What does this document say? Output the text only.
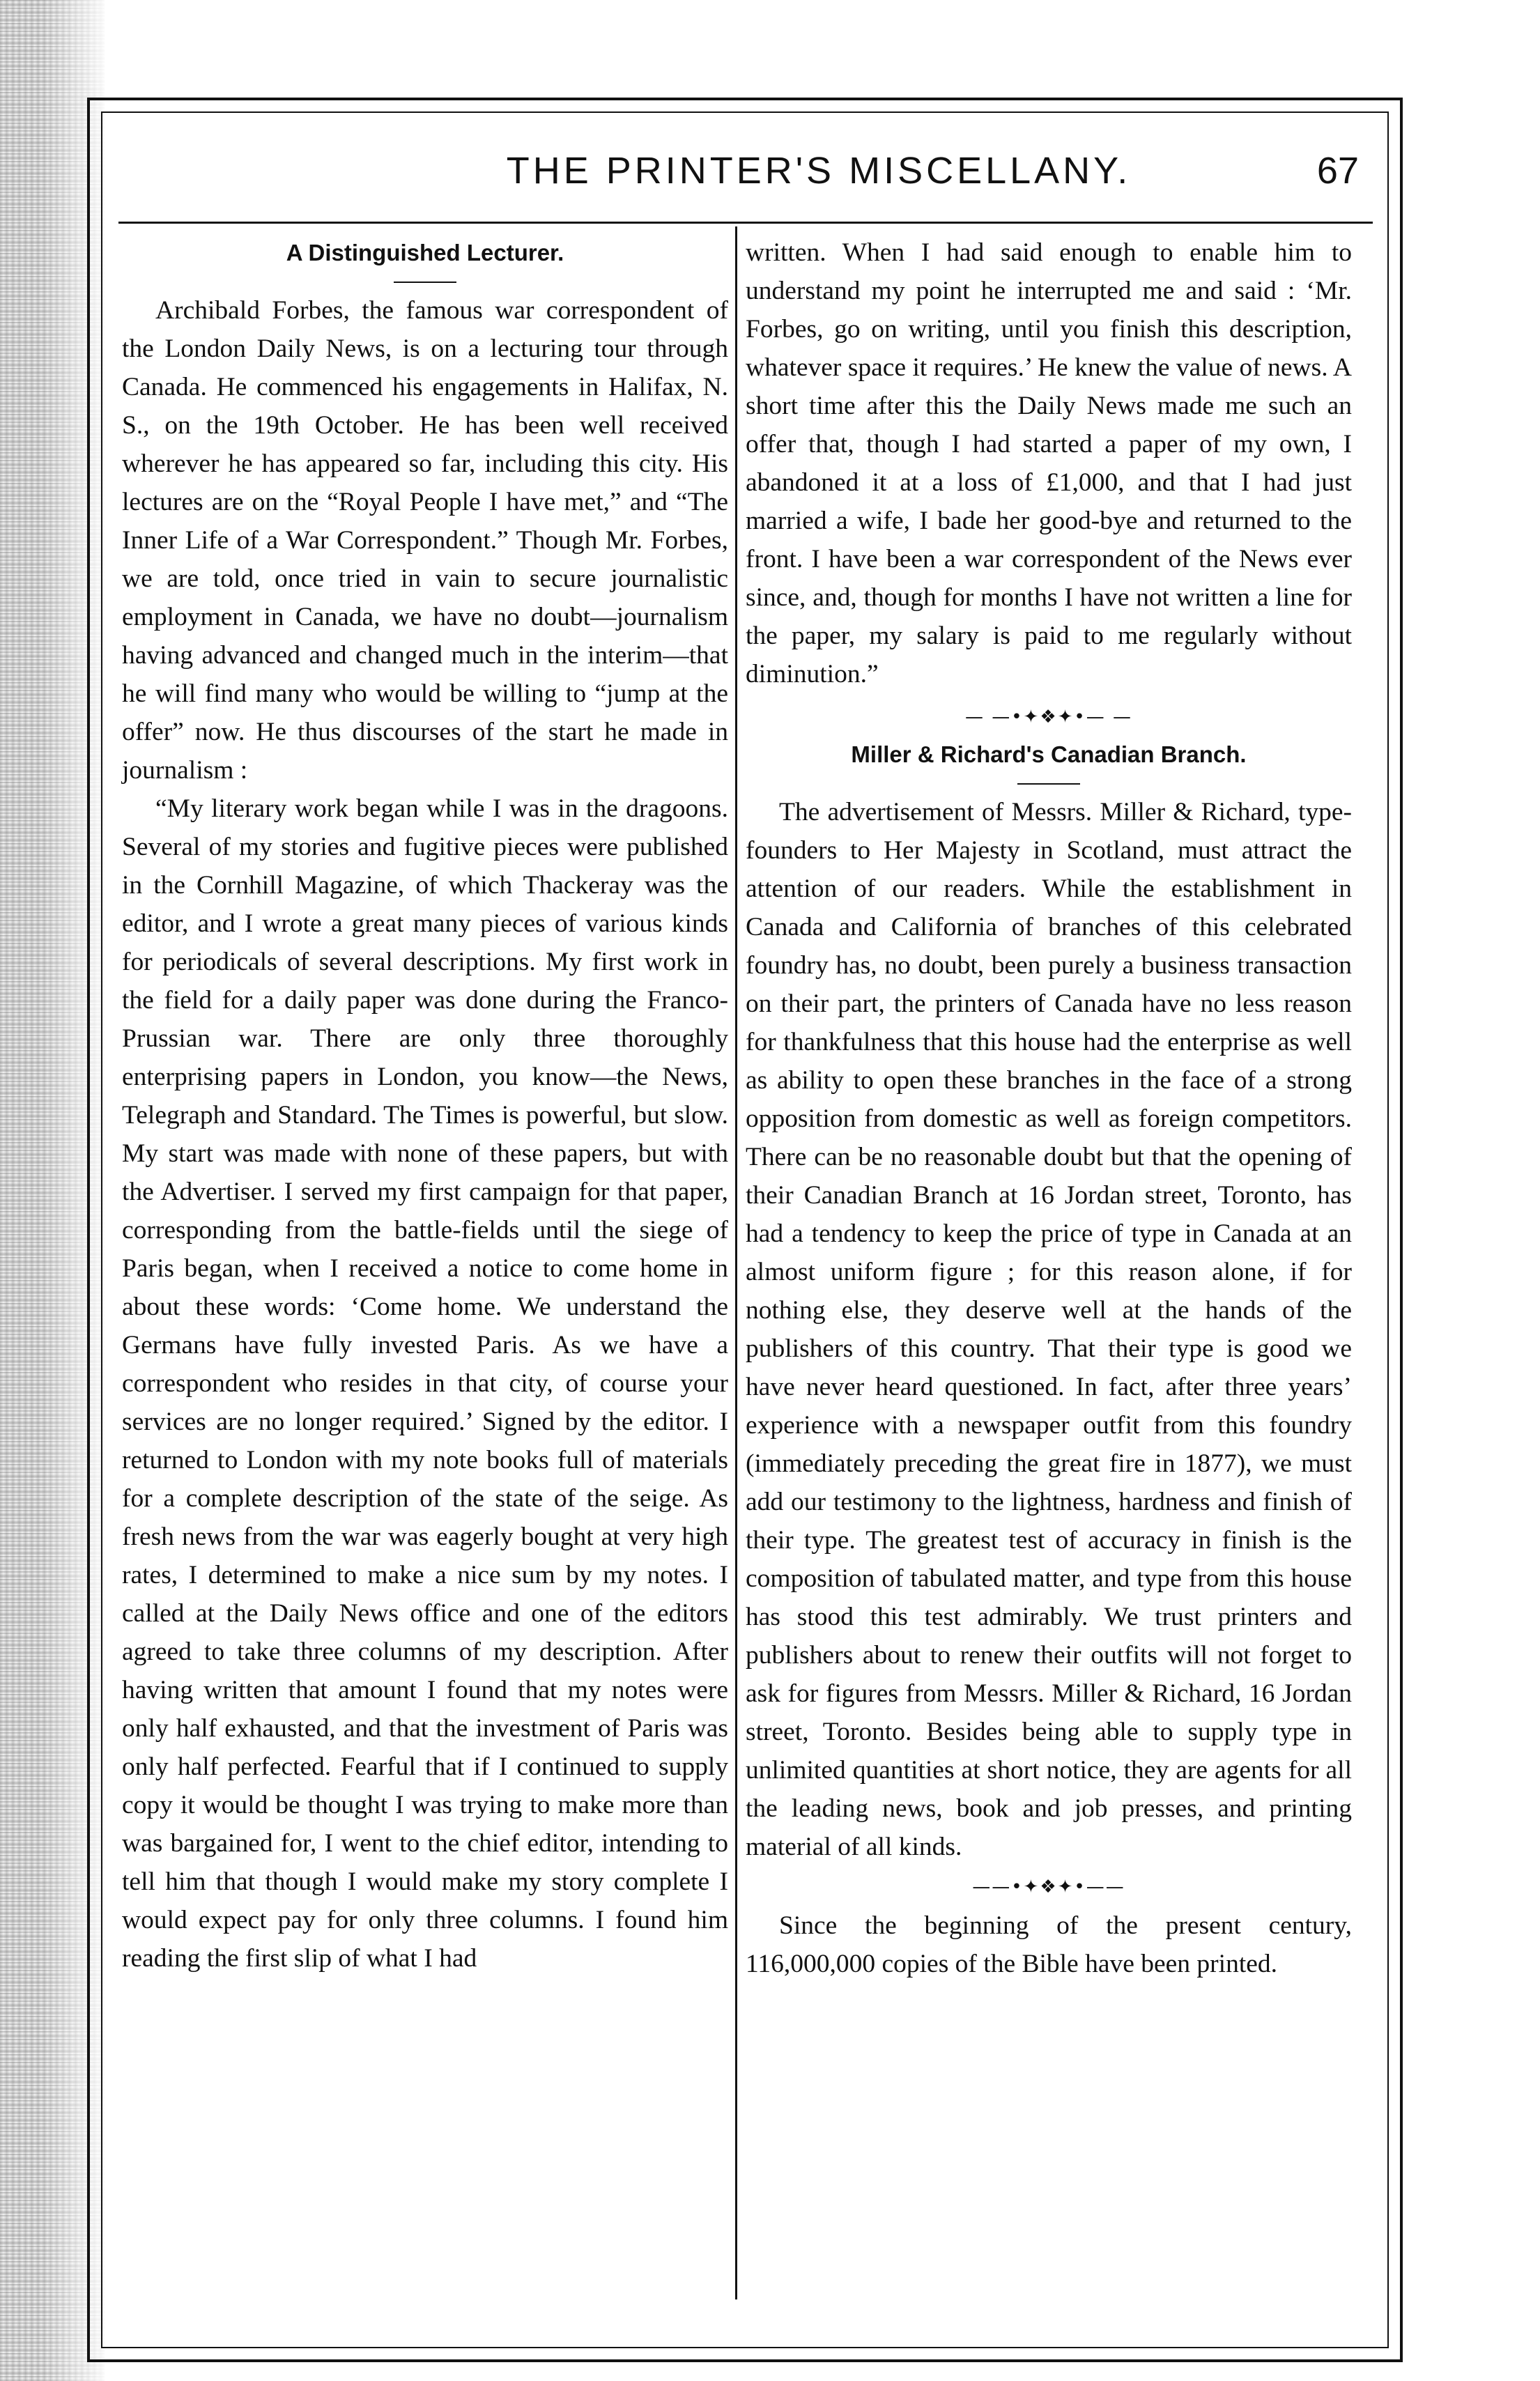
THE PRINTER'S MISCELLANY.	67
A Distinguished Lecturer.

Archibald Forbes, the famous war correspondent of the London Daily News, is on a lecturing tour through Canada. He commenced his engagements in Halifax, N. S., on the 19th October. He has been well received wherever he has appeared so far, including this city. His lectures are on the “Royal People I have met,” and “The Inner Life of a War Correspondent.” Though Mr. Forbes, we are told, once tried in vain to secure journalistic employment in Canada, we have no doubt—journalism having advanced and changed much in the interim—that he will find many who would be willing to “jump at the offer” now. He thus discourses of the start he made in journalism :

“My literary work began while I was in the dragoons. Several of my stories and fugitive pieces were published in the Cornhill Magazine, of which Thackeray was the editor, and I wrote a great many pieces of various kinds for periodicals of several descriptions. My first work in the field for a daily paper was done during the Franco-Prussian war. There are only three thoroughly enterprising papers in London, you know—the News, Telegraph and Standard. The Times is powerful, but slow. My start was made with none of these papers, but with the Advertiser. I served my first campaign for that paper, corresponding from the battle-fields until the siege of Paris began, when I received a notice to come home in about these words: ‘Come home. We understand the Germans have fully invested Paris. As we have a correspondent who resides in that city, of course your services are no longer required.’ Signed by the editor. I returned to London with my note books full of materials for a complete description of the state of the seige. As fresh news from the war was eagerly bought at very high rates, I determined to make a nice sum by my notes. I called at the Daily News office and one of the editors agreed to take three columns of my description. After having written that amount I found that my notes were only half exhausted, and that the investment of Paris was only half perfected. Fearful that if I continued to supply copy it would be thought I was trying to make more than was bargained for, I went to the chief editor, intending to tell him that though I would make my story complete I would expect pay for only three columns. I found him reading the first slip of what I had

written. When I had said enough to enable him to understand my point he interrupted me and said : ‘Mr. Forbes, go on writing, until you finish this description, whatever space it requires.’ He knew the value of news. A short time after this the Daily News made me such an offer that, though I had started a paper of my own, I abandoned it at a loss of £1,000, and that I had just married a wife, I bade her good-bye and returned to the front. I have been a war correspondent of the News ever since, and, though for months I have not written a line for the paper, my salary is paid to me regularly without diminution.”

— —•✦❖✦•— —
Miller & Richard's Canadian Branch.

The advertisement of Messrs. Miller & Richard, type-founders to Her Majesty in Scotland, must attract the attention of our readers. While the establishment in Canada and California of branches of this celebrated foundry has, no doubt, been purely a business transaction on their part, the printers of Canada have no less reason for thankfulness that this house had the enterprise as well as ability to open these branches in the face of a strong opposition from domestic as well as foreign competitors. There can be no reasonable doubt but that the opening of their Canadian Branch at 16 Jordan street, Toronto, has had a tendency to keep the price of type in Canada at an almost uniform figure ; for this reason alone, if for nothing else, they deserve well at the hands of the publishers of this country. That their type is good we have never heard questioned. In fact, after three years’ experience with a newspaper outfit from this foundry (immediately preceding the great fire in 1877), we must add our testimony to the lightness, hardness and finish of their type. The greatest test of accuracy in finish is the composition of tabulated matter, and type from this house has stood this test admirably. We trust printers and publishers about to renew their outfits will not forget to ask for figures from Messrs. Miller & Richard, 16 Jordan street, Toronto. Besides being able to supply type in unlimited quantities at short notice, they are agents for all the leading news, book and job presses, and printing material of all kinds.

——•✦❖✦•——

Since the beginning of the present century, 116,000,000 copies of the Bible have been printed.
